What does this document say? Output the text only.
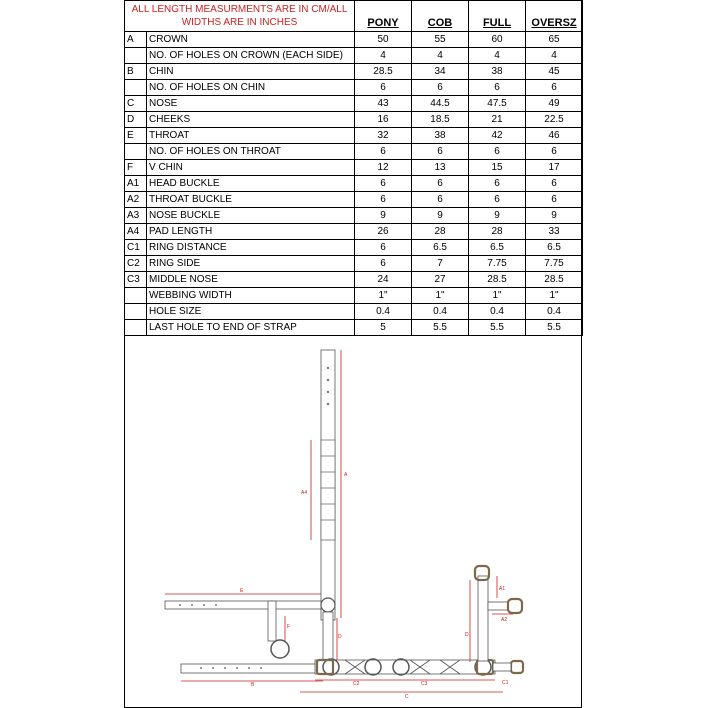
ALL LENGTH MEASURMENTS ARE IN CM/ALL
WIDTHS ARE IN INCHES		PONY	COB	FULL	OVERSZ
A	CROWN	50	55	60	65
	NO. OF HOLES ON CROWN (EACH SIDE)	4	4	4	4
B	CHIN	28.5	34	38	45
	NO. OF HOLES ON CHIN	6	6	6	6
C	NOSE	43	44.5	47.5	49
D	CHEEKS	16	18.5	21	22.5
E	THROAT	32	38	42	46
	NO. OF HOLES ON THROAT	6	6	6	6
F	V CHIN	12	13	15	17
A1	HEAD BUCKLE	6	6	6	6
A2	THROAT BUCKLE	6	6	6	6
A3	NOSE BUCKLE	9	9	9	9
A4	PAD LENGTH	26	28	28	33
C1	RING DISTANCE	6	6.5	6.5	6.5
C2	RING SIDE	6	7	7.75	7.75
C3	MIDDLE NOSE	24	27	28.5	28.5
	WEBBING WIDTH	1"	1"	1"	1"
	HOLE SIZE	0.4	0.4	0.4	0.4
	LAST HOLE TO END OF STRAP	5	5.5	5.5	5.5
A
A4
E
F
D
B
C
C2	C3
D
A1
A2
C1
